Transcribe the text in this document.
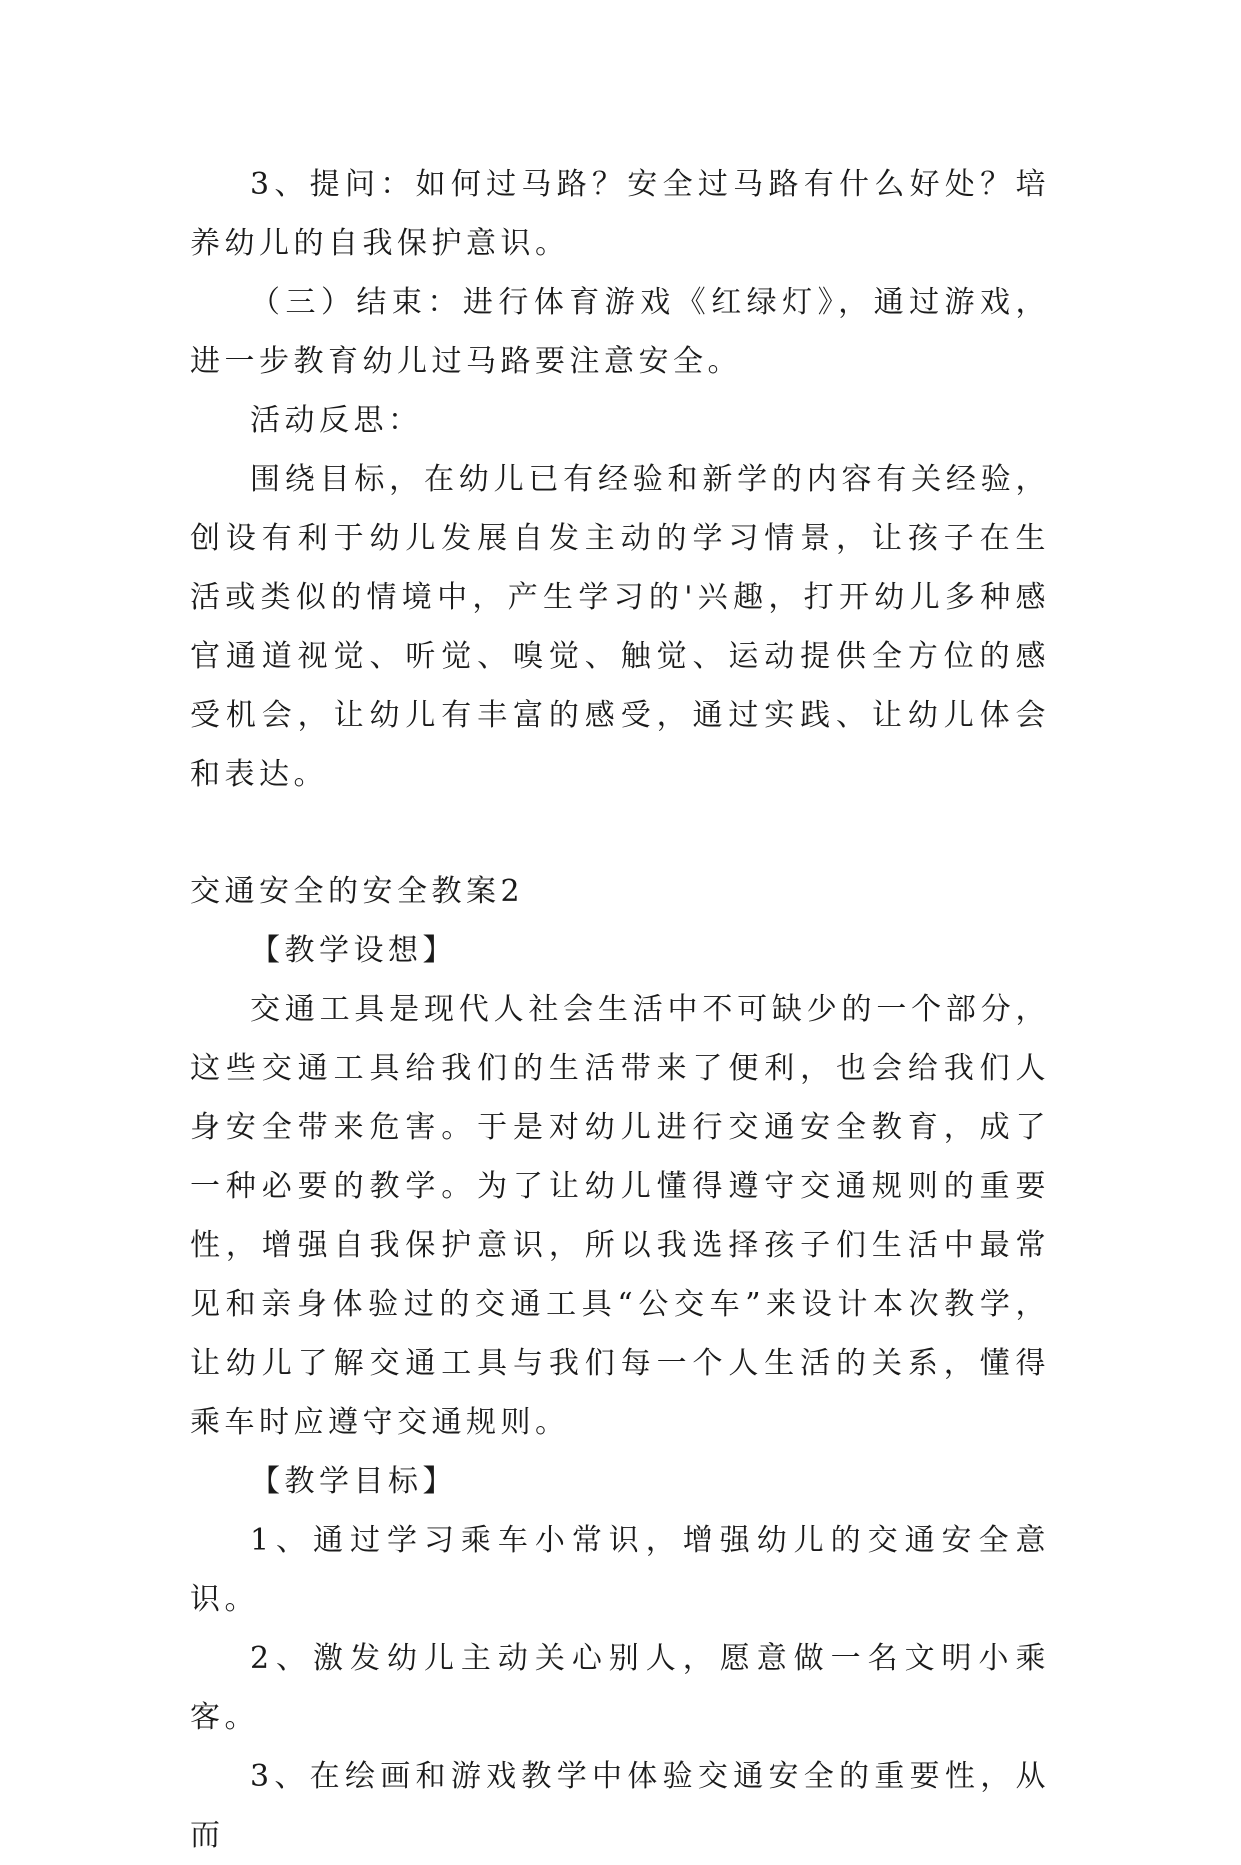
3、提问：如何过马路？安全过马路有什么好处？培养幼儿的自我保护意识。

（三）结束：进行体育游戏《红绿灯》，通过游戏，进一步教育幼儿过马路要注意安全。

活动反思：

围绕目标，在幼儿已有经验和新学的内容有关经验，创设有利于幼儿发展自发主动的学习情景，让孩子在生活或类似的情境中，产生学习的'兴趣，打开幼儿多种感官通道视觉、听觉、嗅觉、触觉、运动提供全方位的感受机会，让幼儿有丰富的感受，通过实践、让幼儿体会和表达。

交通安全的安全教案2

【教学设想】

交通工具是现代人社会生活中不可缺少的一个部分，这些交通工具给我们的生活带来了便利，也会给我们人身安全带来危害。于是对幼儿进行交通安全教育，成了一种必要的教学。为了让幼儿懂得遵守交通规则的重要性，增强自我保护意识，所以我选择孩子们生活中最常见和亲身体验过的交通工具“公交车”来设计本次教学，让幼儿了解交通工具与我们每一个人生活的关系，懂得乘车时应遵守交通规则。

【教学目标】

1、通过学习乘车小常识，增强幼儿的交通安全意识。

2、激发幼儿主动关心别人，愿意做一名文明小乘客。

3、在绘画和游戏教学中体验交通安全的重要性，从而
